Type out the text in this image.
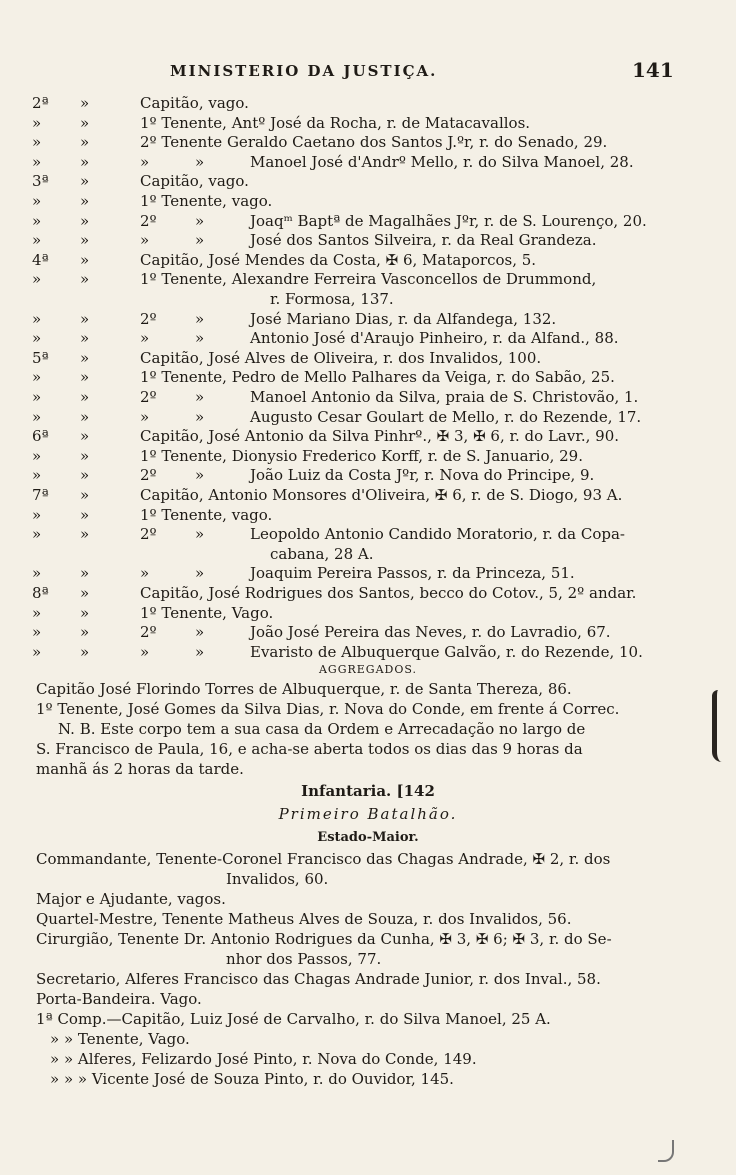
MINISTERIO DA JUSTIÇA.	141
2ª »	Capitão, vago.
»	»	1º Tenente, Antº José da Rocha, r. de Matacavallos.
»	»	2º Tenente Geraldo Caetano dos Santos J.ºr, r. do Senado, 29.
»	»	»	»	Manoel José d'Andrº Mello, r. do Silva Manoel, 28.
3ª »	Capitão, vago.
»	»	1º Tenente, vago.
»	»	2º	»	Joaqᵐ Baptª de Magalhães Jºr, r. de S. Lourenço, 20.
»	»	»	»	José dos Santos Silveira, r. da Real Grandeza.
4ª »	Capitão, José Mendes da Costa, ✠ 6, Mataporcos, 5.
»	»	1º Tenente, Alexandre Ferreira Vasconcellos de Drummond,
r. Formosa, 137.
»	»	2º	»	José Mariano Dias, r. da Alfandega, 132.
»	»	»	»	Antonio José d'Araujo Pinheiro, r. da Alfand., 88.
5ª »	Capitão, José Alves de Oliveira, r. dos Invalidos, 100.
»	»	1º Tenente, Pedro de Mello Palhares da Veiga, r. do Sabão, 25.
»	»	2º	»	Manoel Antonio da Silva, praia de S. Christovão, 1.
»	»	»	»	Augusto Cesar Goulart de Mello, r. do Rezende, 17.
6ª »	Capitão, José Antonio da Silva Pinhrº., ✠ 3, ✠ 6, r. do Lavr., 90.
»	»	1º Tenente, Dionysio Frederico Korff, r. de S. Januario, 29.
»	»	2º	»	João Luiz da Costa Jºr, r. Nova do Principe, 9.
7ª »	Capitão, Antonio Monsores d'Oliveira, ✠ 6, r. de S. Diogo, 93 A.
»	»	1º Tenente, vago.
»	»	2º	»	Leopoldo Antonio Candido Moratorio, r. da Copa-
cabana, 28 A.
»	»	»	»	Joaquim Pereira Passos, r. da Princeza, 51.
8ª »	Capitão, José Rodrigues dos Santos, becco do Cotov., 5, 2º andar.
»	»	1º Tenente, Vago.
»	»	2º	»	João José Pereira das Neves, r. do Lavradio, 67.
»	»	»	»	Evaristo de Albuquerque Galvão, r. do Rezende, 10.
AGGREGADOS.
Capitão José Florindo Torres de Albuquerque, r. de Santa Thereza, 86.
1º Tenente, José Gomes da Silva Dias, r. Nova do Conde, em frente á Correc.
N. B. Este corpo tem a sua casa da Ordem e Arrecadação no largo de
S. Francisco de Paula, 16, e acha-se aberta todos os dias das 9 horas da
manhã ás 2 horas da tarde.
Infantaria. [142
Primeiro Batalhão.
Estado-Maior.
Commandante, Tenente-Coronel Francisco das Chagas Andrade, ✠ 2, r. dos
Invalidos, 60.
Major e Ajudante, vagos.
Quartel-Mestre, Tenente Matheus Alves de Souza, r. dos Invalidos, 56.
Cirurgião, Tenente Dr. Antonio Rodrigues da Cunha, ✠ 3, ✠ 6; ✠ 3, r. do Se-
nhor dos Passos, 77.
Secretario, Alferes Francisco das Chagas Andrade Junior, r. dos Inval., 58.
Porta-Bandeira. Vago.
1ª Comp.—Capitão, Luiz José de Carvalho, r. do Silva Manoel, 25 A.
» » Tenente, Vago.
» » Alferes, Felizardo José Pinto, r. Nova do Conde, 149.
» » » Vicente José de Souza Pinto, r. do Ouvidor, 145.
